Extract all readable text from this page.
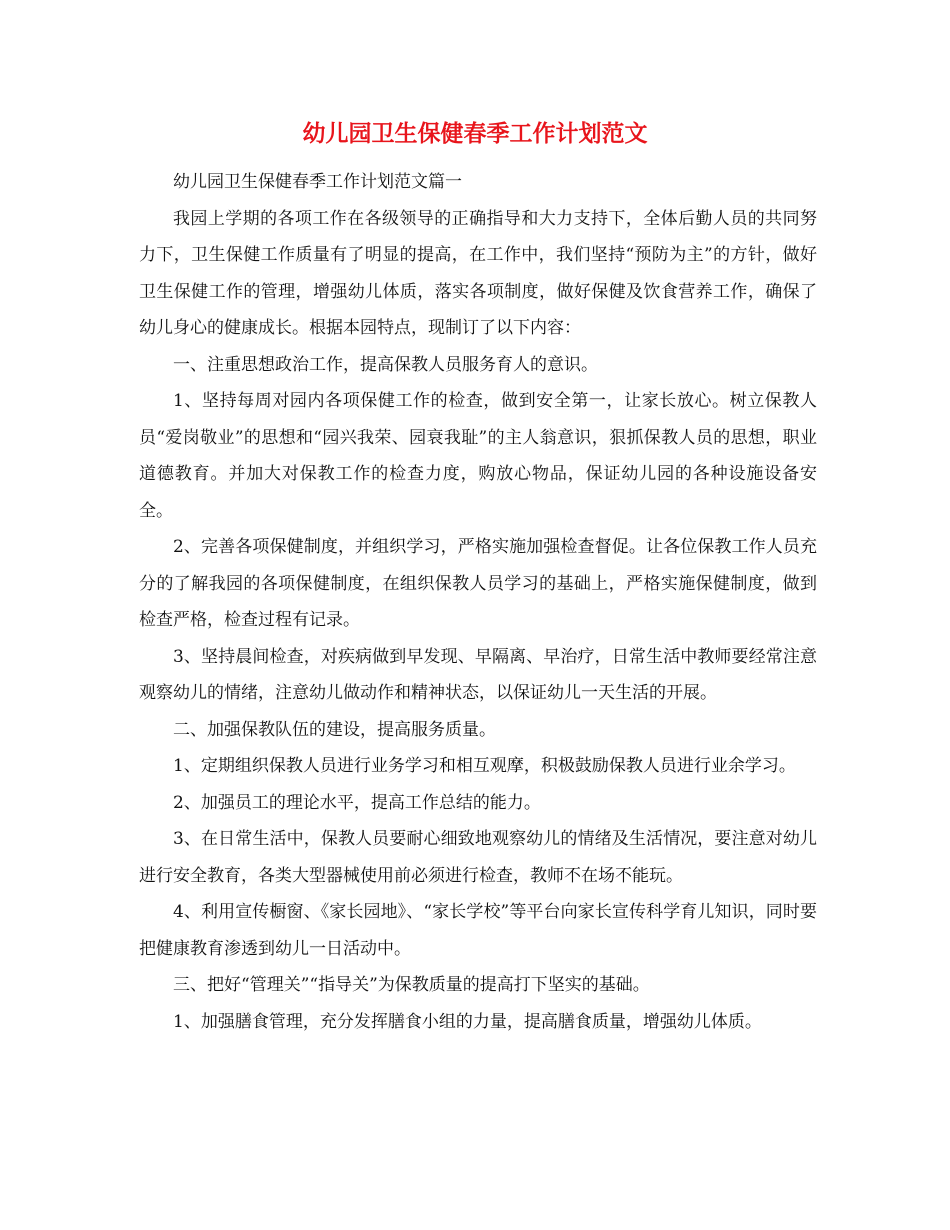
幼儿园卫生保健春季工作计划范文

幼儿园卫生保健春季工作计划范文篇一

我园上学期的各项工作在各级领导的正确指导和大力支持下，全体后勤人员的共同努力下，卫生保健工作质量有了明显的提高，在工作中，我们坚持“预防为主”的方针，做好卫生保健工作的管理，增强幼儿体质，落实各项制度，做好保健及饮食营养工作，确保了幼儿身心的健康成长。根据本园特点，现制订了以下内容：

一、注重思想政治工作，提高保教人员服务育人的意识。

1、坚持每周对园内各项保健工作的检查，做到安全第一，让家长放心。树立保教人员“爱岗敬业”的思想和“园兴我荣、园衰我耻”的主人翁意识，狠抓保教人员的思想，职业道德教育。并加大对保教工作的检查力度，购放心物品，保证幼儿园的各种设施设备安全。

2、完善各项保健制度，并组织学习，严格实施加强检查督促。让各位保教工作人员充分的了解我园的各项保健制度，在组织保教人员学习的基础上，严格实施保健制度，做到检查严格，检查过程有记录。

3、坚持晨间检查，对疾病做到早发现、早隔离、早治疗，日常生活中教师要经常注意观察幼儿的情绪，注意幼儿做动作和精神状态，以保证幼儿一天生活的开展。

二、加强保教队伍的建设，提高服务质量。

1、定期组织保教人员进行业务学习和相互观摩，积极鼓励保教人员进行业余学习。

2、加强员工的理论水平，提高工作总结的能力。

3、在日常生活中，保教人员要耐心细致地观察幼儿的情绪及生活情况，要注意对幼儿进行安全教育，各类大型器械使用前必须进行检查，教师不在场不能玩。

4、利用宣传橱窗、《家长园地》、“家长学校”等平台向家长宣传科学育儿知识，同时要把健康教育渗透到幼儿一日活动中。

三、把好“管理关”“指导关”为保教质量的提高打下坚实的基础。

1、加强膳食管理，充分发挥膳食小组的力量，提高膳食质量，增强幼儿体质。
